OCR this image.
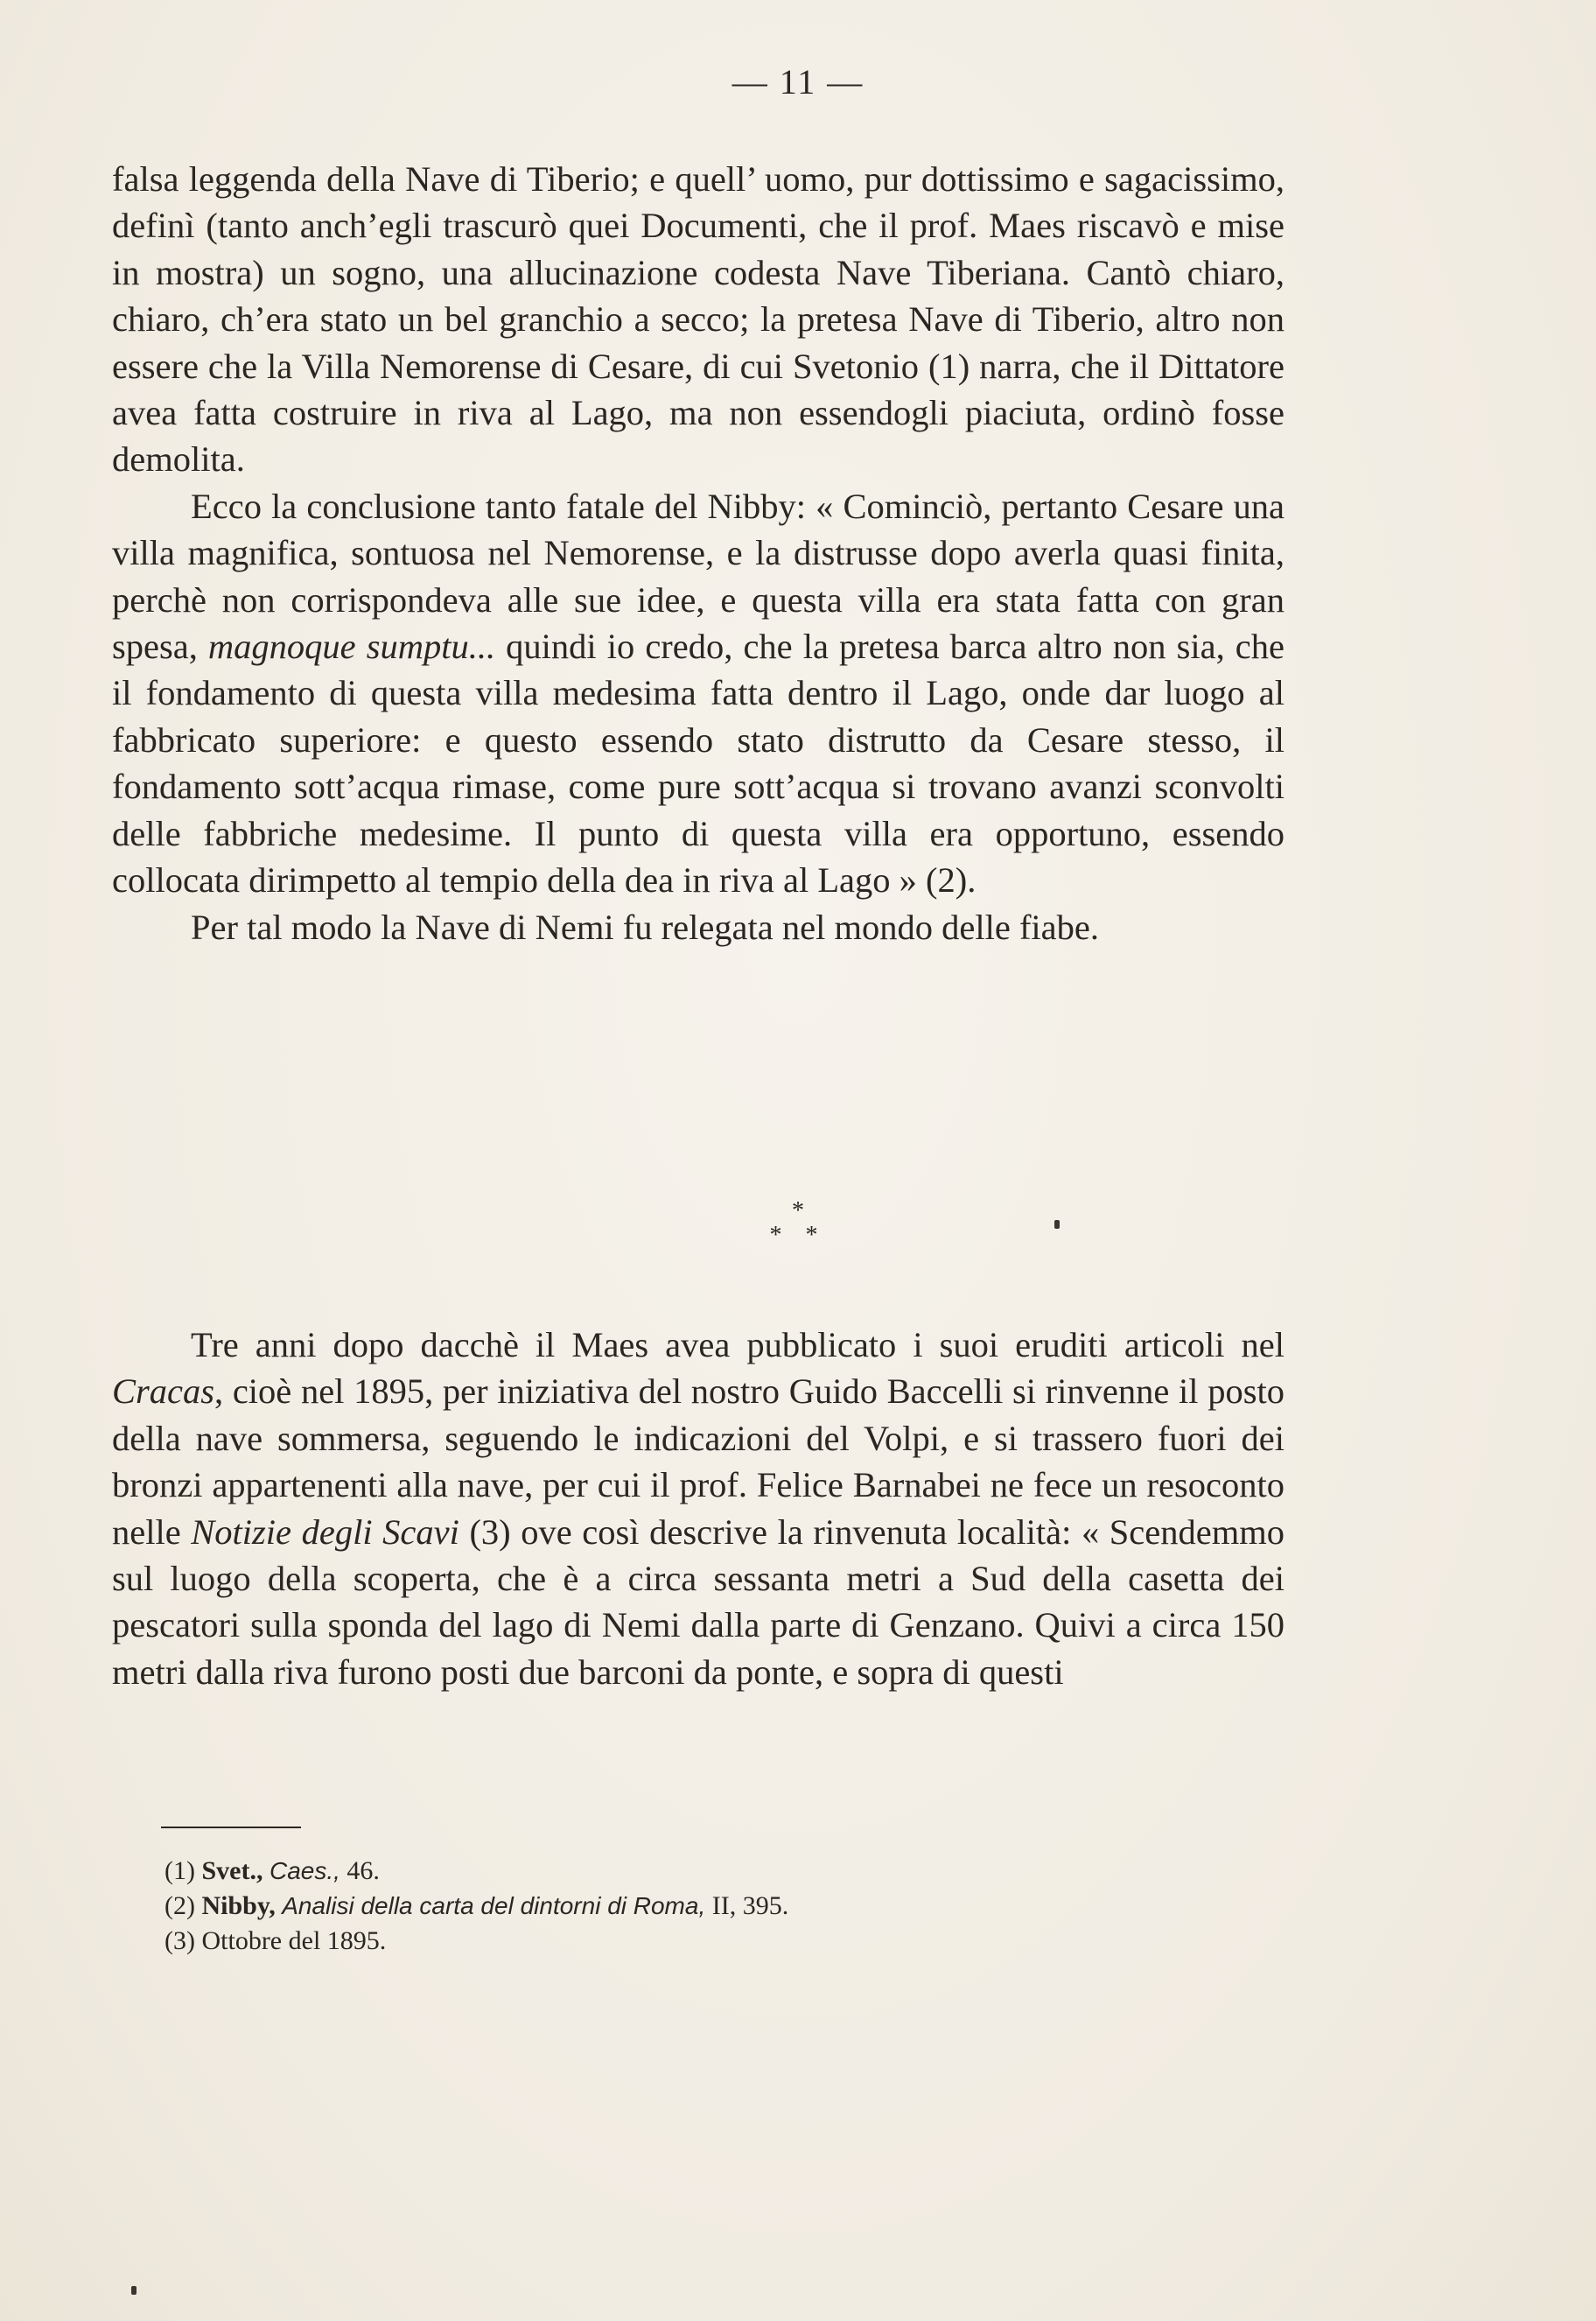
— 11 —

falsa leggenda della Nave di Tiberio; e quell’ uomo, pur dottissimo e sagacissimo, definì (tanto anch’egli trascurò quei Documenti, che il prof. Maes riscavò e mise in mostra) un sogno, una allucinazione codesta Nave Tiberiana. Cantò chiaro, chiaro, ch’era stato un bel granchio a secco; la pretesa Nave di Tiberio, altro non essere che la Villa Nemorense di Cesare, di cui Svetonio (1) narra, che il Dittatore avea fatta costruire in riva al Lago, ma non essendogli piaciuta, ordinò fosse demolita.

Ecco la conclusione tanto fatale del Nibby: « Cominciò, pertanto Cesare una villa magnifica, sontuosa nel Nemorense, e la distrusse dopo averla quasi finita, perchè non corrispondeva alle sue idee, e questa villa era stata fatta con gran spesa, magnoque sumptu... quindi io credo, che la pretesa barca altro non sia, che il fondamento di questa villa medesima fatta dentro il Lago, onde dar luogo al fabbricato superiore: e questo essendo stato distrutto da Cesare stesso, il fondamento sott’acqua rimase, come pure sott’acqua si trovano avanzi sconvolti delle fabbriche medesime. Il punto di questa villa era opportuno, essendo collocata dirimpetto al tempio della dea in riva al Lago » (2).

Per tal modo la Nave di Nemi fu relegata nel mondo delle fiabe.

*
* *

Tre anni dopo dacchè il Maes avea pubblicato i suoi eruditi articoli nel Cracas, cioè nel 1895, per iniziativa del nostro Guido Baccelli si rinvenne il posto della nave sommersa, seguendo le indicazioni del Volpi, e si trassero fuori dei bronzi appartenenti alla nave, per cui il prof. Felice Barnabei ne fece un resoconto nelle Notizie degli Scavi (3) ove così descrive la rinvenuta località: « Scendemmo sul luogo della scoperta, che è a circa sessanta metri a Sud della casetta dei pescatori sulla sponda del lago di Nemi dalla parte di Genzano. Quivi a circa 150 metri dalla riva furono posti due barconi da ponte, e sopra di questi

(1) Svet., Caes., 46.

(2) Nibby, Analisi della carta del dintorni di Roma, II, 395.

(3) Ottobre del 1895.
